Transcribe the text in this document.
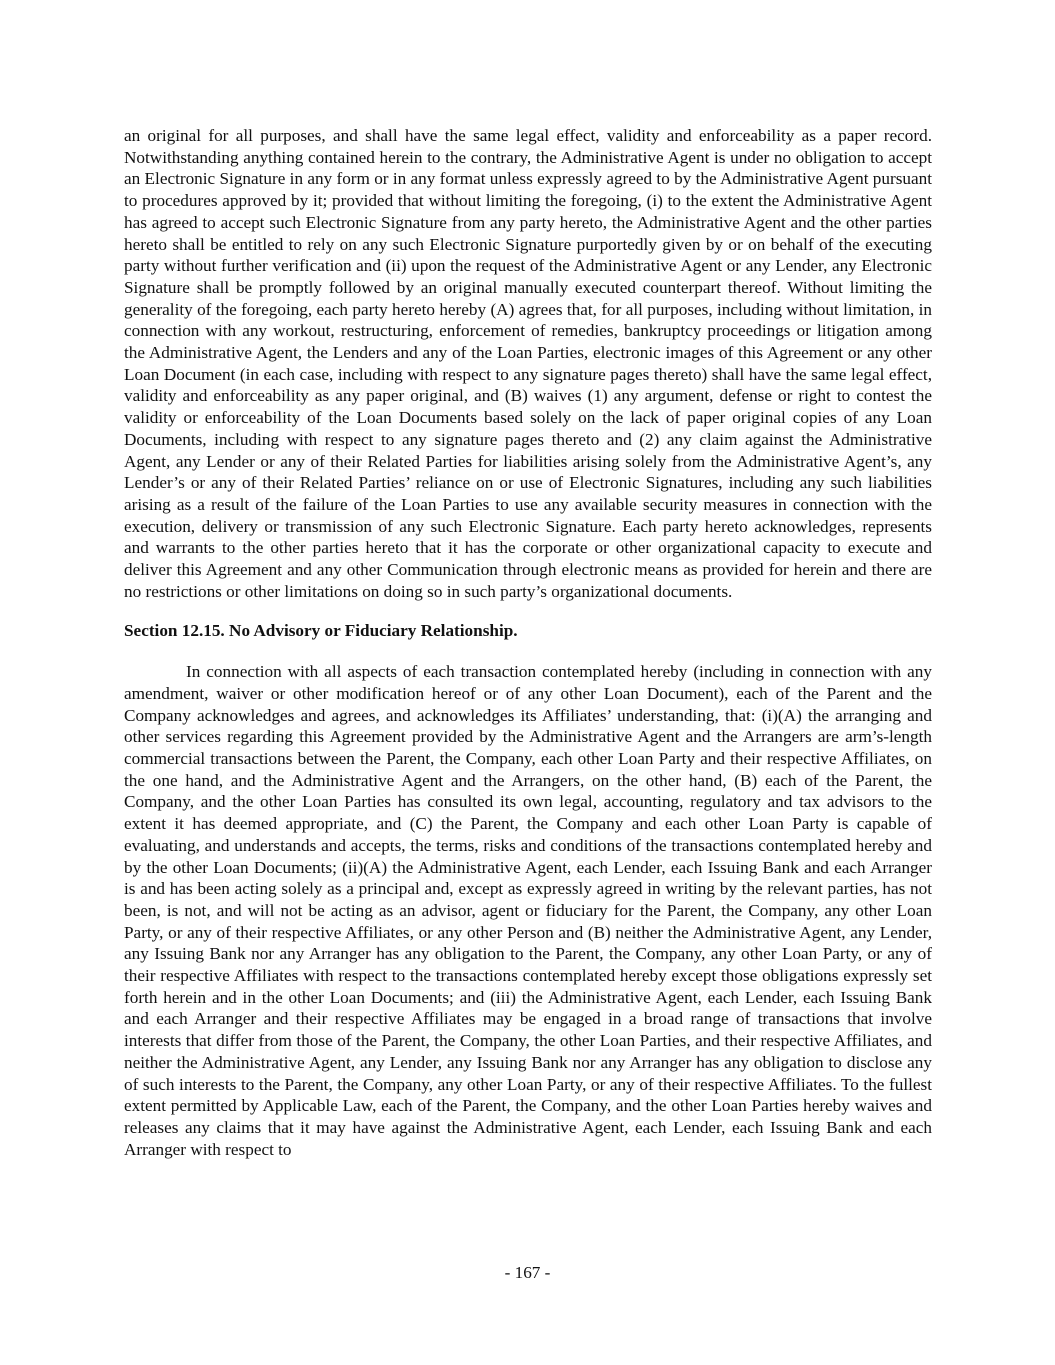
an original for all purposes, and shall have the same legal effect, validity and enforceability as a paper record. Notwithstanding anything contained herein to the contrary, the Administrative Agent is under no obligation to accept an Electronic Signature in any form or in any format unless expressly agreed to by the Administrative Agent pursuant to procedures approved by it; provided that without limiting the foregoing, (i) to the extent the Administrative Agent has agreed to accept such Electronic Signature from any party hereto, the Administrative Agent and the other parties hereto shall be entitled to rely on any such Electronic Signature purportedly given by or on behalf of the executing party without further verification and (ii) upon the request of the Administrative Agent or any Lender, any Electronic Signature shall be promptly followed by an original manually executed counterpart thereof. Without limiting the generality of the foregoing, each party hereto hereby (A) agrees that, for all purposes, including without limitation, in connection with any workout, restructuring, enforcement of remedies, bankruptcy proceedings or litigation among the Administrative Agent, the Lenders and any of the Loan Parties, electronic images of this Agreement or any other Loan Document (in each case, including with respect to any signature pages thereto) shall have the same legal effect, validity and enforceability as any paper original, and (B) waives (1) any argument, defense or right to contest the validity or enforceability of the Loan Documents based solely on the lack of paper original copies of any Loan Documents, including with respect to any signature pages thereto and (2) any claim against the Administrative Agent, any Lender or any of their Related Parties for liabilities arising solely from the Administrative Agent’s, any Lender’s or any of their Related Parties’ reliance on or use of Electronic Signatures, including any such liabilities arising as a result of the failure of the Loan Parties to use any available security measures in connection with the execution, delivery or transmission of any such Electronic Signature. Each party hereto acknowledges, represents and warrants to the other parties hereto that it has the corporate or other organizational capacity to execute and deliver this Agreement and any other Communication through electronic means as provided for herein and there are no restrictions or other limitations on doing so in such party’s organizational documents.

Section 12.15. No Advisory or Fiduciary Relationship.

In connection with all aspects of each transaction contemplated hereby (including in connection with any amendment, waiver or other modification hereof or of any other Loan Document), each of the Parent and the Company acknowledges and agrees, and acknowledges its Affiliates’ understanding, that: (i)(A) the arranging and other services regarding this Agreement provided by the Administrative Agent and the Arrangers are arm’s-length commercial transactions between the Parent, the Company, each other Loan Party and their respective Affiliates, on the one hand, and the Administrative Agent and the Arrangers, on the other hand, (B) each of the Parent, the Company, and the other Loan Parties has consulted its own legal, accounting, regulatory and tax advisors to the extent it has deemed appropriate, and (C) the Parent, the Company and each other Loan Party is capable of evaluating, and understands and accepts, the terms, risks and conditions of the transactions contemplated hereby and by the other Loan Documents; (ii)(A) the Administrative Agent, each Lender, each Issuing Bank and each Arranger is and has been acting solely as a principal and, except as expressly agreed in writing by the relevant parties, has not been, is not, and will not be acting as an advisor, agent or fiduciary for the Parent, the Company, any other Loan Party, or any of their respective Affiliates, or any other Person and (B) neither the Administrative Agent, any Lender, any Issuing Bank nor any Arranger has any obligation to the Parent, the Company, any other Loan Party, or any of their respective Affiliates with respect to the transactions contemplated hereby except those obligations expressly set forth herein and in the other Loan Documents; and (iii) the Administrative Agent, each Lender, each Issuing Bank and each Arranger and their respective Affiliates may be engaged in a broad range of transactions that involve interests that differ from those of the Parent, the Company, the other Loan Parties, and their respective Affiliates, and neither the Administrative Agent, any Lender, any Issuing Bank nor any Arranger has any obligation to disclose any of such interests to the Parent, the Company, any other Loan Party, or any of their respective Affiliates. To the fullest extent permitted by Applicable Law, each of the Parent, the Company, and the other Loan Parties hereby waives and releases any claims that it may have against the Administrative Agent, each Lender, each Issuing Bank and each Arranger with respect to

- 167 -
